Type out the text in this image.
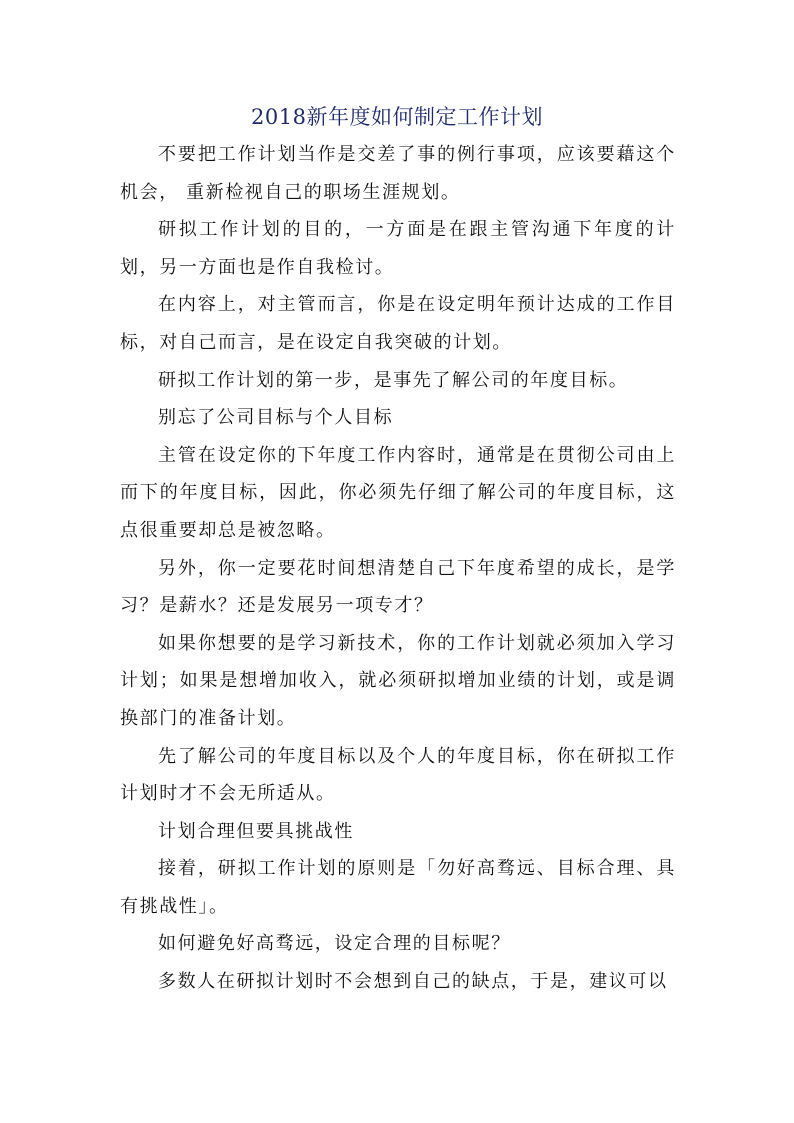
2018新年度如何制定工作计划

不要把工作计划当作是交差了事的例行事项，应该要藉这个机会， 重新检视自己的职场生涯规划。

研拟工作计划的目的，一方面是在跟主管沟通下年度的计划，另一方面也是作自我检讨。

在内容上，对主管而言，你是在设定明年预计达成的工作目标，对自己而言，是在设定自我突破的计划。

研拟工作计划的第一步，是事先了解公司的年度目标。

别忘了公司目标与个人目标

主管在设定你的下年度工作内容时，通常是在贯彻公司由上而下的年度目标，因此，你必须先仔细了解公司的年度目标，这点很重要却总是被忽略。

另外，你一定要花时间想清楚自己下年度希望的成长，是学习？是薪水？还是发展另一项专才？

如果你想要的是学习新技术，你的工作计划就必须加入学习计划；如果是想增加收入，就必须研拟增加业绩的计划，或是调换部门的准备计划。

先了解公司的年度目标以及个人的年度目标，你在研拟工作计划时才不会无所适从。

计划合理但要具挑战性

接着，研拟工作计划的原则是「勿好高骛远、目标合理、具有挑战性」。

如何避免好高骛远，设定合理的目标呢？

多数人在研拟计划时不会想到自己的缺点，于是，建议可以
